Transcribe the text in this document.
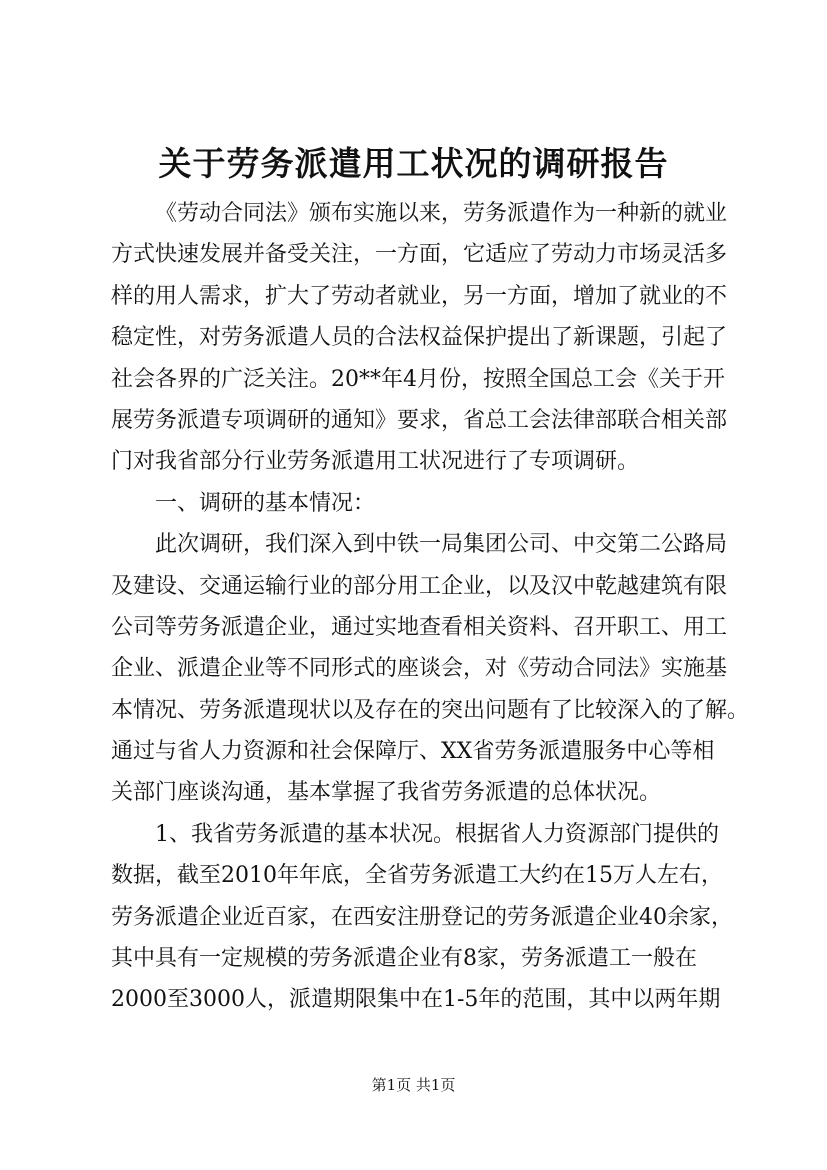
关于劳务派遣用工状况的调研报告

《劳动合同法》颁布实施以来，劳务派遣作为一种新的就业
方式快速发展并备受关注，一方面，它适应了劳动力市场灵活多
样的用人需求，扩大了劳动者就业，另一方面，增加了就业的不
稳定性，对劳务派遣人员的合法权益保护提出了新课题，引起了
社会各界的广泛关注。20**年4月份，按照全国总工会《关于开
展劳务派遣专项调研的通知》要求，省总工会法律部联合相关部
门对我省部分行业劳务派遣用工状况进行了专项调研。

一、调研的基本情况：

此次调研，我们深入到中铁一局集团公司、中交第二公路局
及建设、交通运输行业的部分用工企业，以及汉中乾越建筑有限
公司等劳务派遣企业，通过实地查看相关资料、召开职工、用工
企业、派遣企业等不同形式的座谈会，对《劳动合同法》实施基
本情况、劳务派遣现状以及存在的突出问题有了比较深入的了解。
通过与省人力资源和社会保障厅、XX省劳务派遣服务中心等相
关部门座谈沟通，基本掌握了我省劳务派遣的总体状况。

1、我省劳务派遣的基本状况。根据省人力资源部门提供的
数据，截至2010年年底，全省劳务派遣工大约在15万人左右，
劳务派遣企业近百家，在西安注册登记的劳务派遣企业40余家，
其中具有一定规模的劳务派遣企业有8家，劳务派遣工一般在
2000至3000人，派遣期限集中在1-5年的范围，其中以两年期

第1页 共1页
